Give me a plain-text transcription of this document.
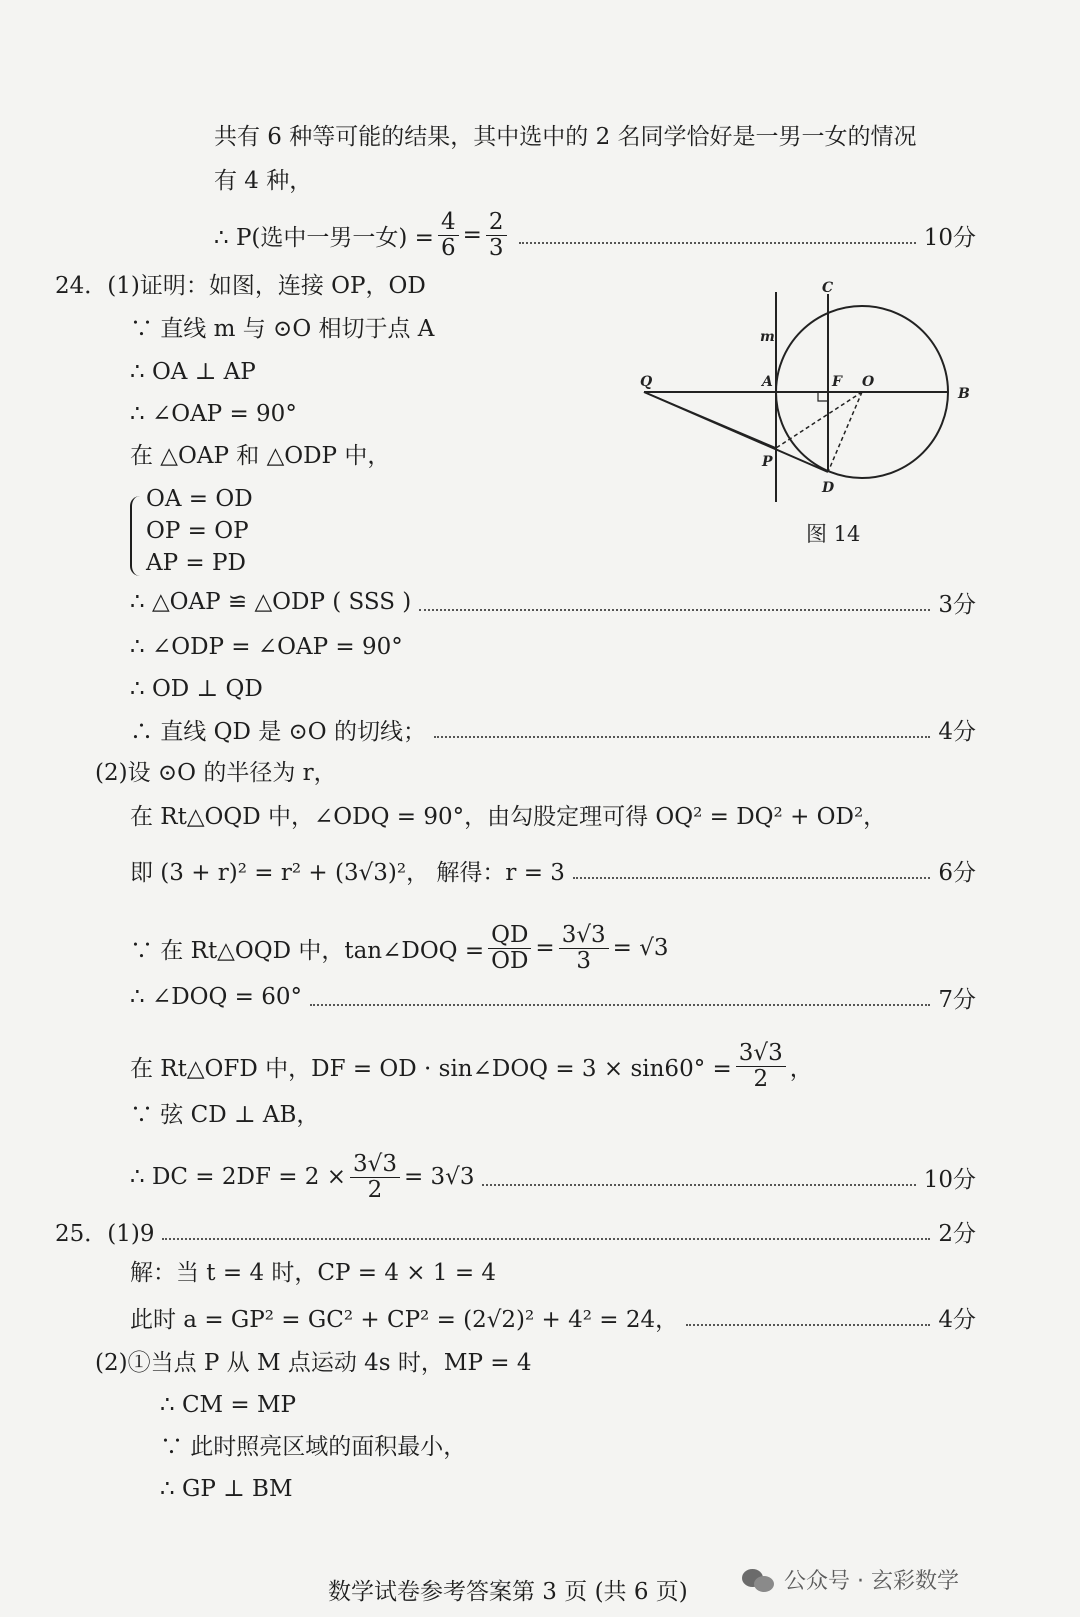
共有 6 种等可能的结果，其中选中的 2 名同学恰好是一男一女的情况
有 4 种，
24．(1)证明：如图，连接 OP，OD
∵ 直线 m 与 ⊙O 相切于点 A
∴ OA ⊥ AP
∴ ∠OAP = 90°
在 △OAP 和 △ODP 中，
OA = OD
OP = OP
AP = PD
∴ ∠ODP = ∠OAP = 90°
∴ OD ⊥ QD
(2)设 ⊙O 的半径为 r，
在 Rt△OQD 中，∠ODQ = 90°，由勾股定理可得 OQ² = DQ² + OD²，
∵ 弦 CD ⊥ AB，
解：当 t = 4 时，CP = 4 × 1 = 4
(2)①当点 P 从 M 点运动 4s 时，MP = 4
∴ CM = MP
∵ 此时照亮区域的面积最小，
∴ GP ⊥ BM
∴ P(选中一男一女) = $\frac{4}{6} = \frac{2}{3}$	10分
∴ △OAP ≌ △ODP ( SSS )	3分
∴ 直线 QD 是 ⊙O 的切线；	4分
即 (3 + r)² = r² + (3√3)²， 解得：r = 3	6分
∴ ∠DOQ = 60°	7分
∴ DC = $2DF = 2 \times \frac{3√3}{2} = 3√3$	10分
25．(1)9	2分
此时 a = GP² = GC² + CP² = (2√2)² + 4² = 24，	4分
∵ 在 Rt△OQD 中，tan∠DOQ = $\frac{QD}{OD} = \frac{3√3}{3} = √3$
在 Rt△OFD 中，DF = OD · sin∠DOQ = $3 \times \sin 60^\circ = \frac{3√3}{2}$ ，
C
m
Q	A	F O
B
P
D
图 14
数学试卷参考答案第 3 页 (共 6 页)	公众号 · 玄彩数学
